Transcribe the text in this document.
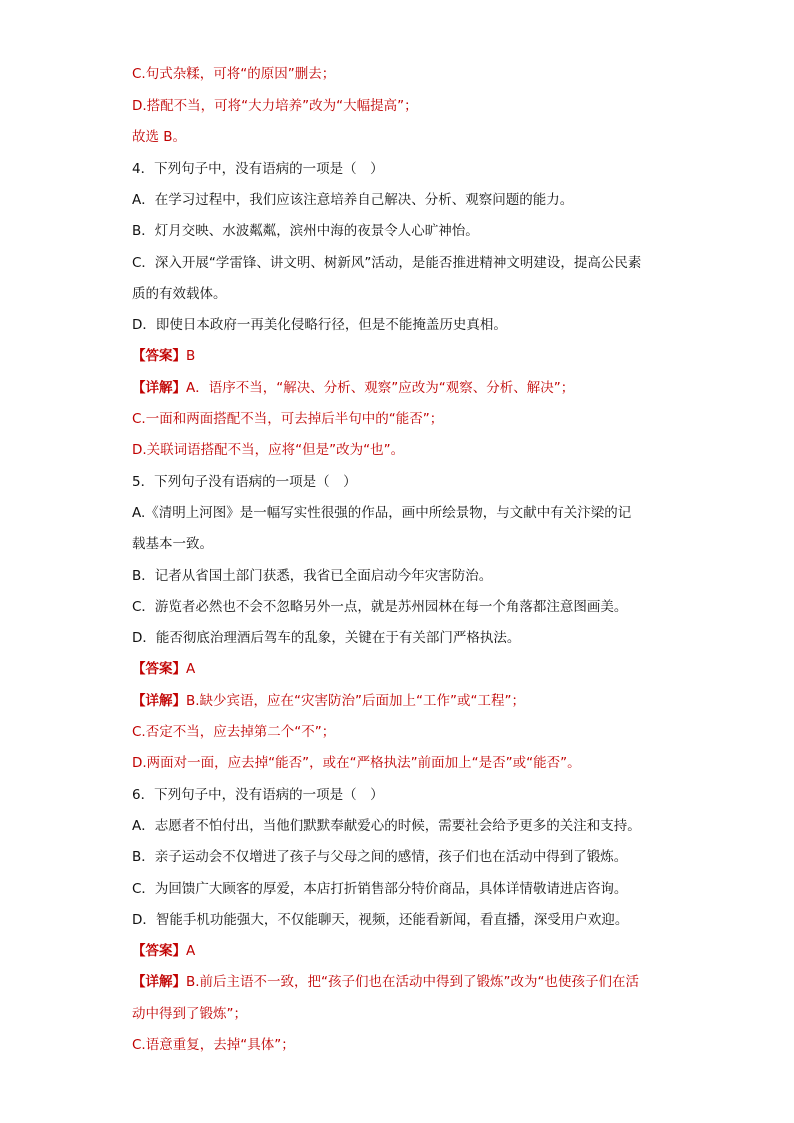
C.句式杂糅，可将“的原因”删去；
D.搭配不当，可将“大力培养”改为“大幅提高”；
故选 B。
4．下列句子中，没有语病的一项是（　）
A．在学习过程中，我们应该注意培养自己解决、分析、观察问题的能力。
B．灯月交映、水波粼粼，滨州中海的夜景令人心旷神怡。
C．深入开展“学雷锋、讲文明、树新风”活动，是能否推进精神文明建设，提高公民素
质的有效载体。
D．即使日本政府一再美化侵略行径，但是不能掩盖历史真相。
【答案】B
【详解】A．语序不当，“解决、分析、观察”应改为“观察、分析、解决”；
C.一面和两面搭配不当，可去掉后半句中的“能否”；
D.关联词语搭配不当，应将“但是”改为“也”。
5．下列句子没有语病的一项是（　）
A.《清明上河图》是一幅写实性很强的作品，画中所绘景物，与文献中有关汴梁的记
载基本一致。
B．记者从省国土部门获悉，我省已全面启动今年灾害防治。
C．游览者必然也不会不忽略另外一点，就是苏州园林在每一个角落都注意图画美。
D．能否彻底治理酒后驾车的乱象，关键在于有关部门严格执法。
【答案】A
【详解】B.缺少宾语，应在“灾害防治”后面加上“工作”或“工程”；
C.否定不当，应去掉第二个“不”；
D.两面对一面，应去掉“能否”，或在“严格执法”前面加上“是否”或“能否”。
6．下列句子中，没有语病的一项是（　）
A．志愿者不怕付出，当他们默默奉献爱心的时候，需要社会给予更多的关注和支持。
B．亲子运动会不仅增进了孩子与父母之间的感情，孩子们也在活动中得到了锻炼。
C．为回馈广大顾客的厚爱，本店打折销售部分特价商品，具体详情敬请进店咨询。
D．智能手机功能强大，不仅能聊天，视频，还能看新闻，看直播，深受用户欢迎。
【答案】A
【详解】B.前后主语不一致，把“孩子们也在活动中得到了锻炼”改为“也使孩子们在活
动中得到了锻炼”；
C.语意重复，去掉“具体”；
